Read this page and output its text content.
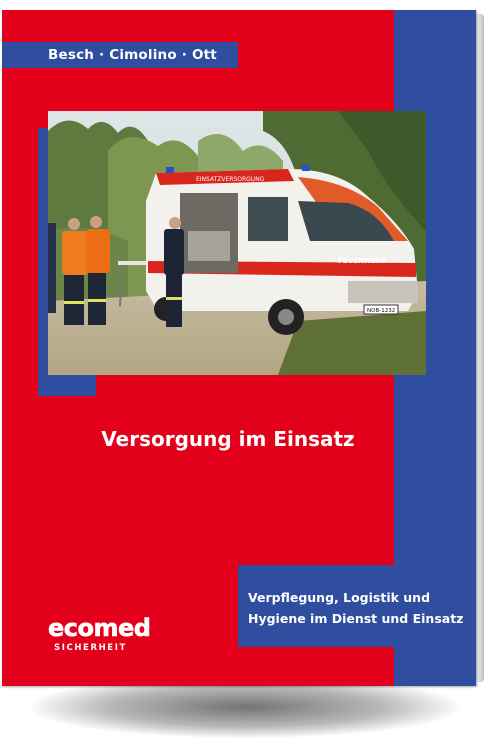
Besch · Cimolino · Ott
EINSATZVERSORGUNG
FEUERWEHR
NOB-1232
Versorgung im Einsatz
Verpflegung, Logistik und
Hygiene im Dienst und Einsatz
ecomed
SICHERHEIT
